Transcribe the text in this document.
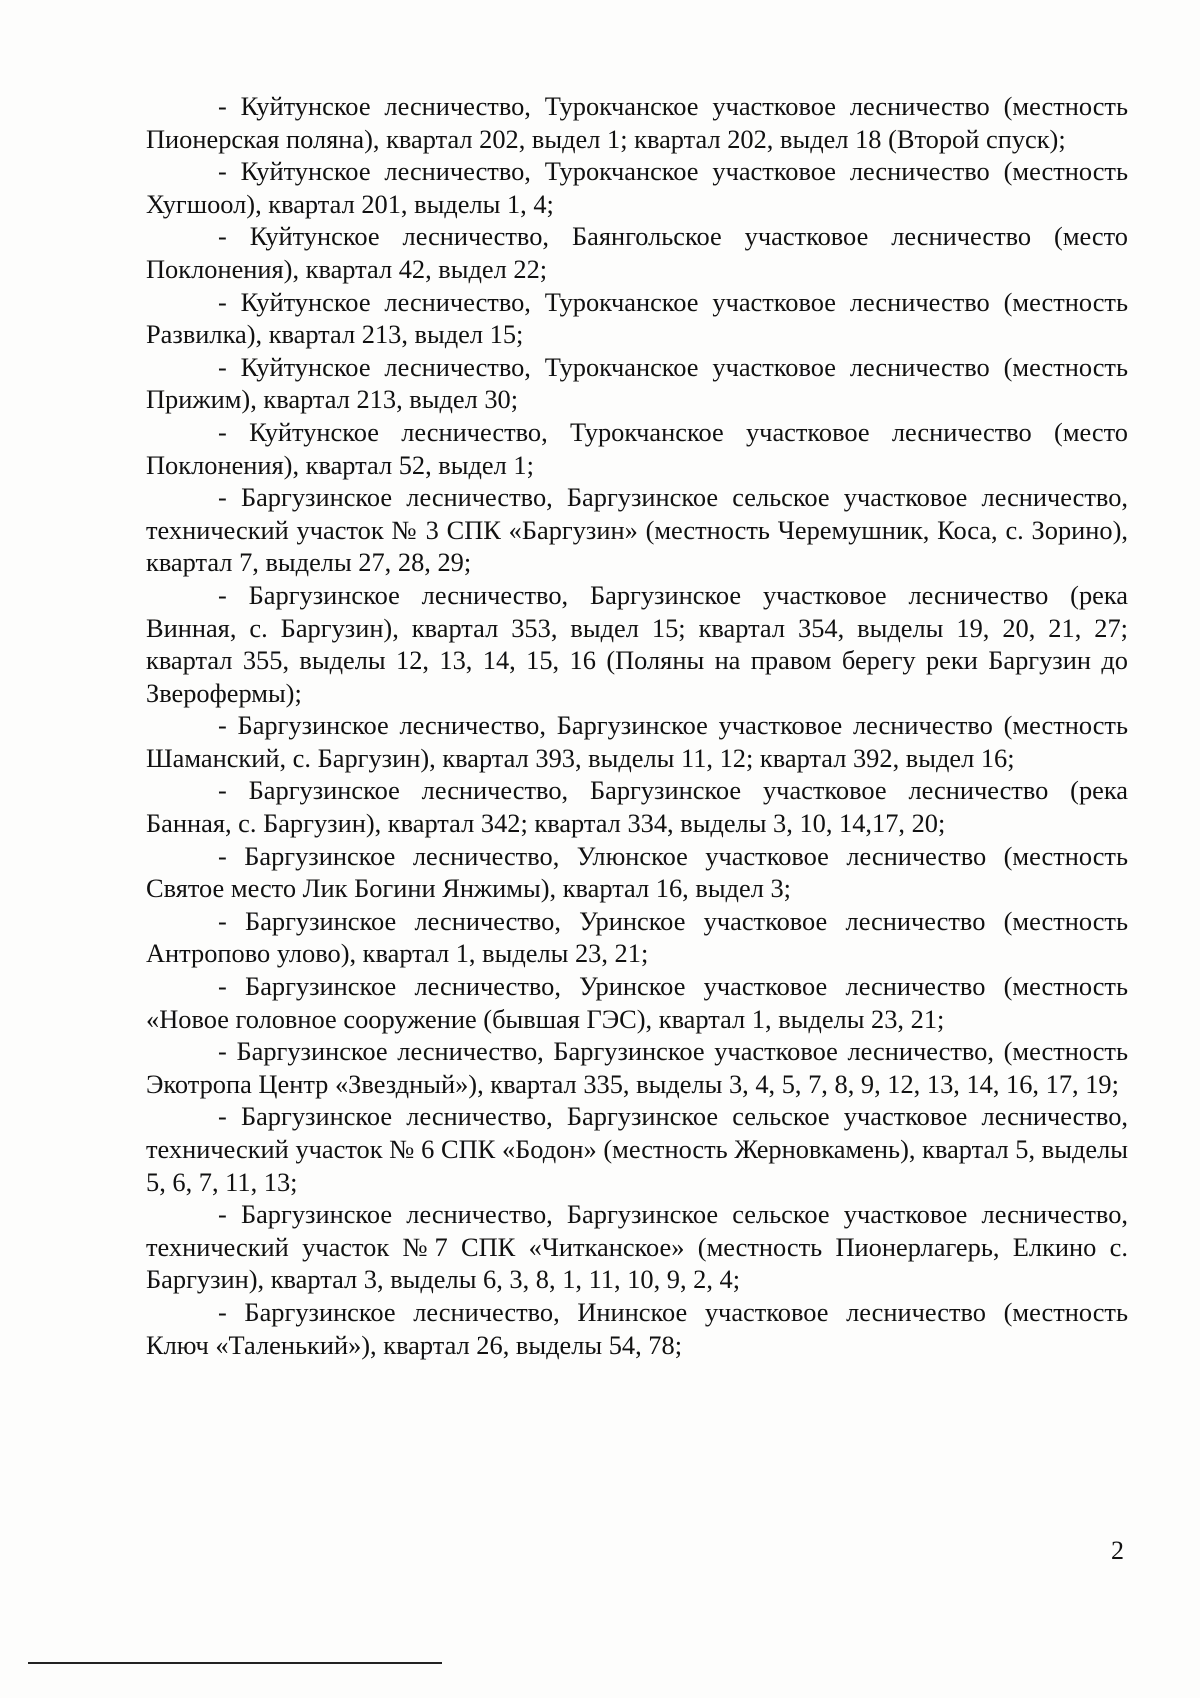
- Куйтунское лесничество, Турокчанское участковое лесничество (местность Пионерская поляна), квартал 202, выдел 1; квартал 202, выдел 18 (Второй спуск);

- Куйтунское лесничество, Турокчанское участковое лесничество (местность Хугшоол), квартал 201, выделы 1, 4;

- Куйтунское лесничество, Баянгольское участковое лесничество (место Поклонения), квартал 42, выдел 22;

- Куйтунское лесничество, Турокчанское участковое лесничество (местность Развилка), квартал 213, выдел 15;

- Куйтунское лесничество, Турокчанское участковое лесничество (местность Прижим), квартал 213, выдел 30;

- Куйтунское лесничество, Турокчанское участковое лесничество (место Поклонения), квартал 52, выдел 1;

- Баргузинское лесничество, Баргузинское сельское участковое лесничество, технический участок № 3 СПК «Баргузин» (местность Черемушник, Коса, с. Зорино), квартал 7, выделы 27, 28, 29;

- Баргузинское лесничество, Баргузинское участковое лесничество (река Винная, с. Баргузин), квартал 353, выдел 15; квартал 354, выделы 19, 20, 21, 27; квартал 355, выделы 12, 13, 14, 15, 16 (Поляны на правом берегу реки Баргузин до Зверофермы);

- Баргузинское лесничество, Баргузинское участковое лесничество (местность Шаманский, с. Баргузин), квартал 393, выделы 11, 12; квартал 392, выдел 16;

- Баргузинское лесничество, Баргузинское участковое лесничество (река Банная, с. Баргузин), квартал 342; квартал 334, выделы 3, 10, 14,17, 20;

- Баргузинское лесничество, Улюнское участковое лесничество (местность Святое место Лик Богини Янжимы), квартал 16, выдел 3;

- Баргузинское лесничество, Уринское участковое лесничество (местность Антропово улово), квартал 1, выделы 23, 21;

- Баргузинское лесничество, Уринское участковое лесничество (местность «Новое головное сооружение (бывшая ГЭС), квартал 1, выделы 23, 21;

- Баргузинское лесничество, Баргузинское участковое лесничество, (местность Экотропа Центр «Звездный»), квартал 335, выделы 3, 4, 5, 7, 8, 9, 12, 13, 14, 16, 17, 19;

- Баргузинское лесничество, Баргузинское сельское участковое лесничество, технический участок № 6 СПК «Бодон» (местность Жерновкамень), квартал 5, выделы 5, 6, 7, 11, 13;

- Баргузинское лесничество, Баргузинское сельское участковое лесничество, технический участок №7 СПК «Читканское» (местность Пионерлагерь, Елкино с. Баргузин), квартал 3, выделы 6, 3, 8, 1, 11, 10, 9, 2, 4;

- Баргузинское лесничество, Ининское участковое лесничество (местность Ключ «Таленький»), квартал 26, выделы 54, 78;

2
